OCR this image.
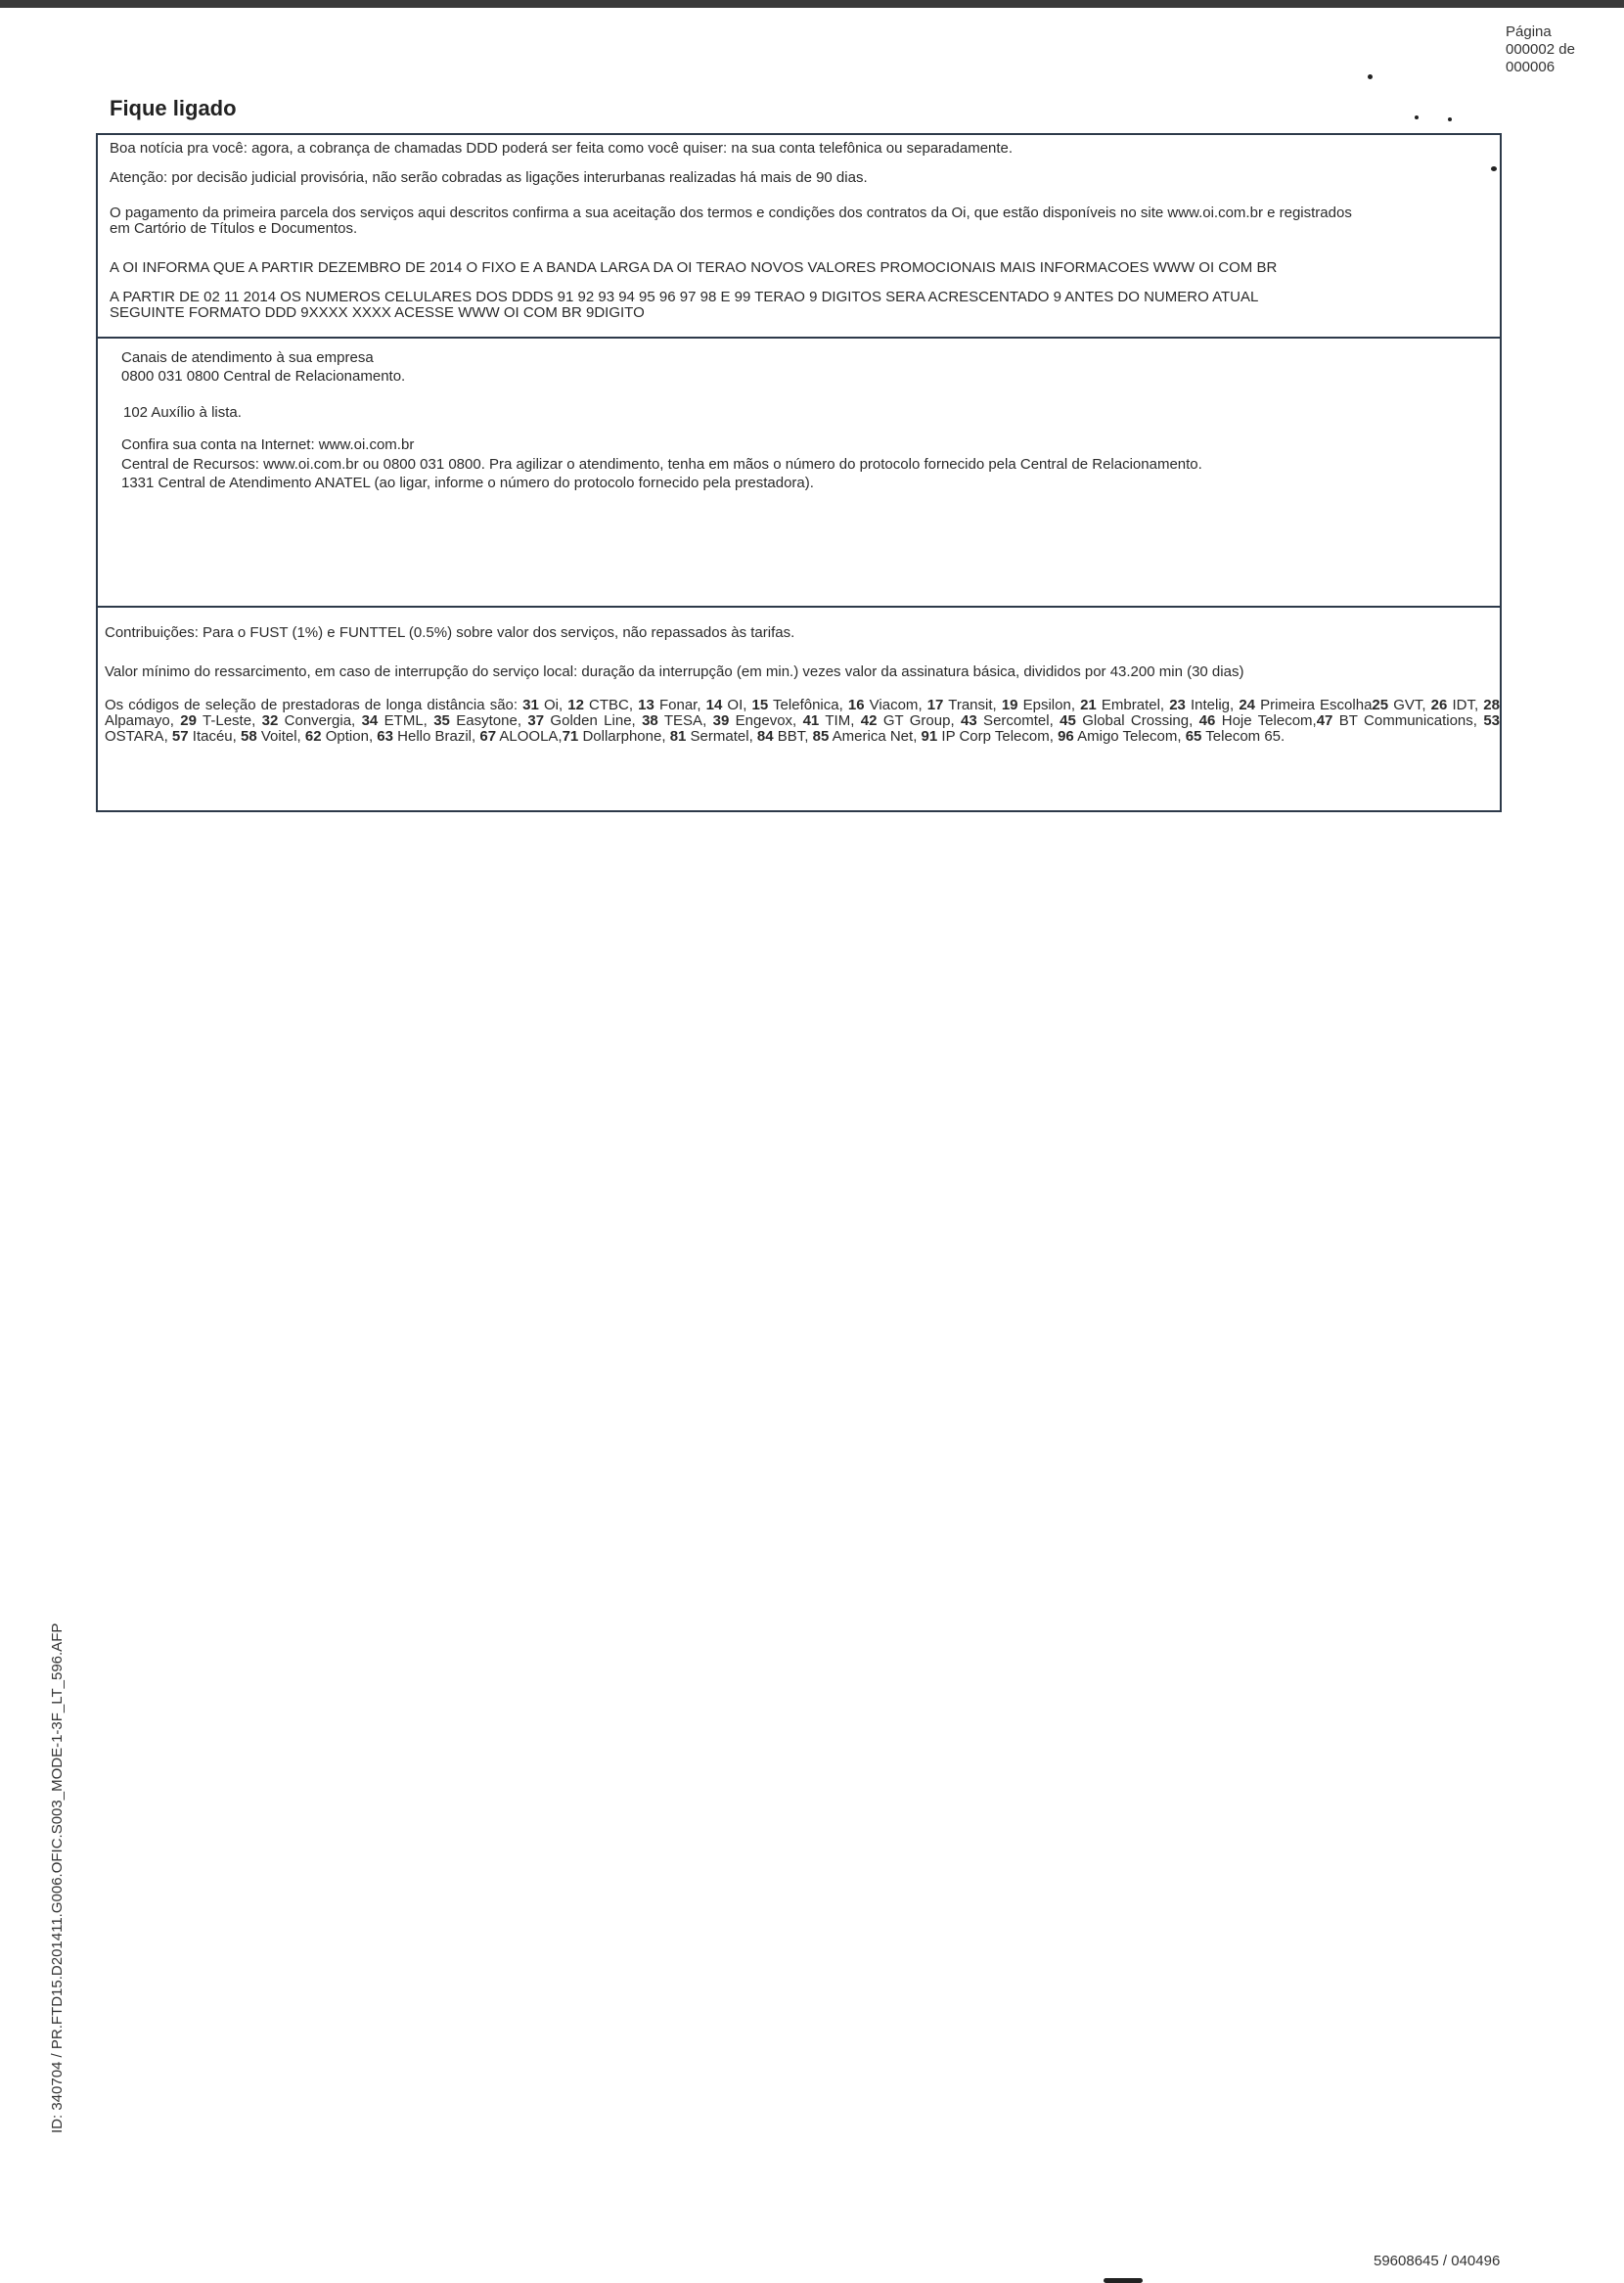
Página
000002 de
000006
Fique ligado
Boa notícia pra você: agora, a cobrança de chamadas DDD poderá ser feita como você quiser: na sua conta telefônica ou separadamente.
Atenção: por decisão judicial provisória, não serão cobradas as ligações interurbanas realizadas há mais de 90 dias.
O pagamento da primeira parcela dos serviços aqui descritos confirma a sua aceitação dos termos e condições dos contratos da Oi, que estão disponíveis no site www.oi.com.br e registrados
em Cartório de Títulos e Documentos.
A OI INFORMA QUE A PARTIR DEZEMBRO DE 2014 O FIXO E A BANDA LARGA DA OI TERAO NOVOS VALORES PROMOCIONAIS MAIS INFORMACOES WWW OI COM BR
A PARTIR DE 02 11 2014 OS NUMEROS CELULARES DOS DDDS 91 92 93 94 95 96 97 98 E 99 TERAO 9 DIGITOS SERA ACRESCENTADO 9 ANTES DO NUMERO ATUAL
SEGUINTE FORMATO DDD 9XXXX XXXX ACESSE WWW OI COM BR 9DIGITO
Canais de atendimento à sua empresa
0800 031 0800 Central de Relacionamento.
102 Auxílio à lista.
Confira sua conta na Internet: www.oi.com.br
Central de Recursos: www.oi.com.br ou 0800 031 0800. Pra agilizar o atendimento, tenha em mãos o número do protocolo fornecido pela Central de Relacionamento.
1331 Central de Atendimento ANATEL (ao ligar, informe o número do protocolo fornecido pela prestadora).
Contribuições: Para o FUST (1%) e FUNTTEL (0.5%) sobre valor dos serviços, não repassados às tarifas.
Valor mínimo do ressarcimento, em caso de interrupção do serviço local: duração da interrupção (em min.) vezes valor da assinatura básica, divididos por 43.200 min (30 dias)
Os códigos de seleção de prestadoras de longa distância são: 31 Oi, 12 CTBC, 13 Fonar, 14 OI, 15 Telefônica, 16 Viacom, 17 Transit, 19 Epsilon, 21 Embratel, 23 Intelig, 24 Primeira Escolha25 GVT, 26 IDT, 28 Alpamayo, 29 T-Leste, 32 Convergia, 34 ETML, 35 Easytone, 37 Golden Line, 38 TESA, 39 Engevox, 41 TIM, 42 GT Group, 43 Sercomtel, 45 Global Crossing, 46 Hoje Telecom,47 BT Communications, 53 OSTARA, 57 Itacéu, 58 Voitel, 62 Option, 63 Hello Brazil, 67 ALOOLA,71 Dollarphone, 81 Sermatel, 84 BBT, 85 America Net, 91 IP Corp Telecom, 96 Amigo Telecom, 65 Telecom 65.
ID: 340704 / PR.FTD15.D201411.G006.OFIC.S003_MODE-1-3F_LT_596.AFP
59608645 / 040496
